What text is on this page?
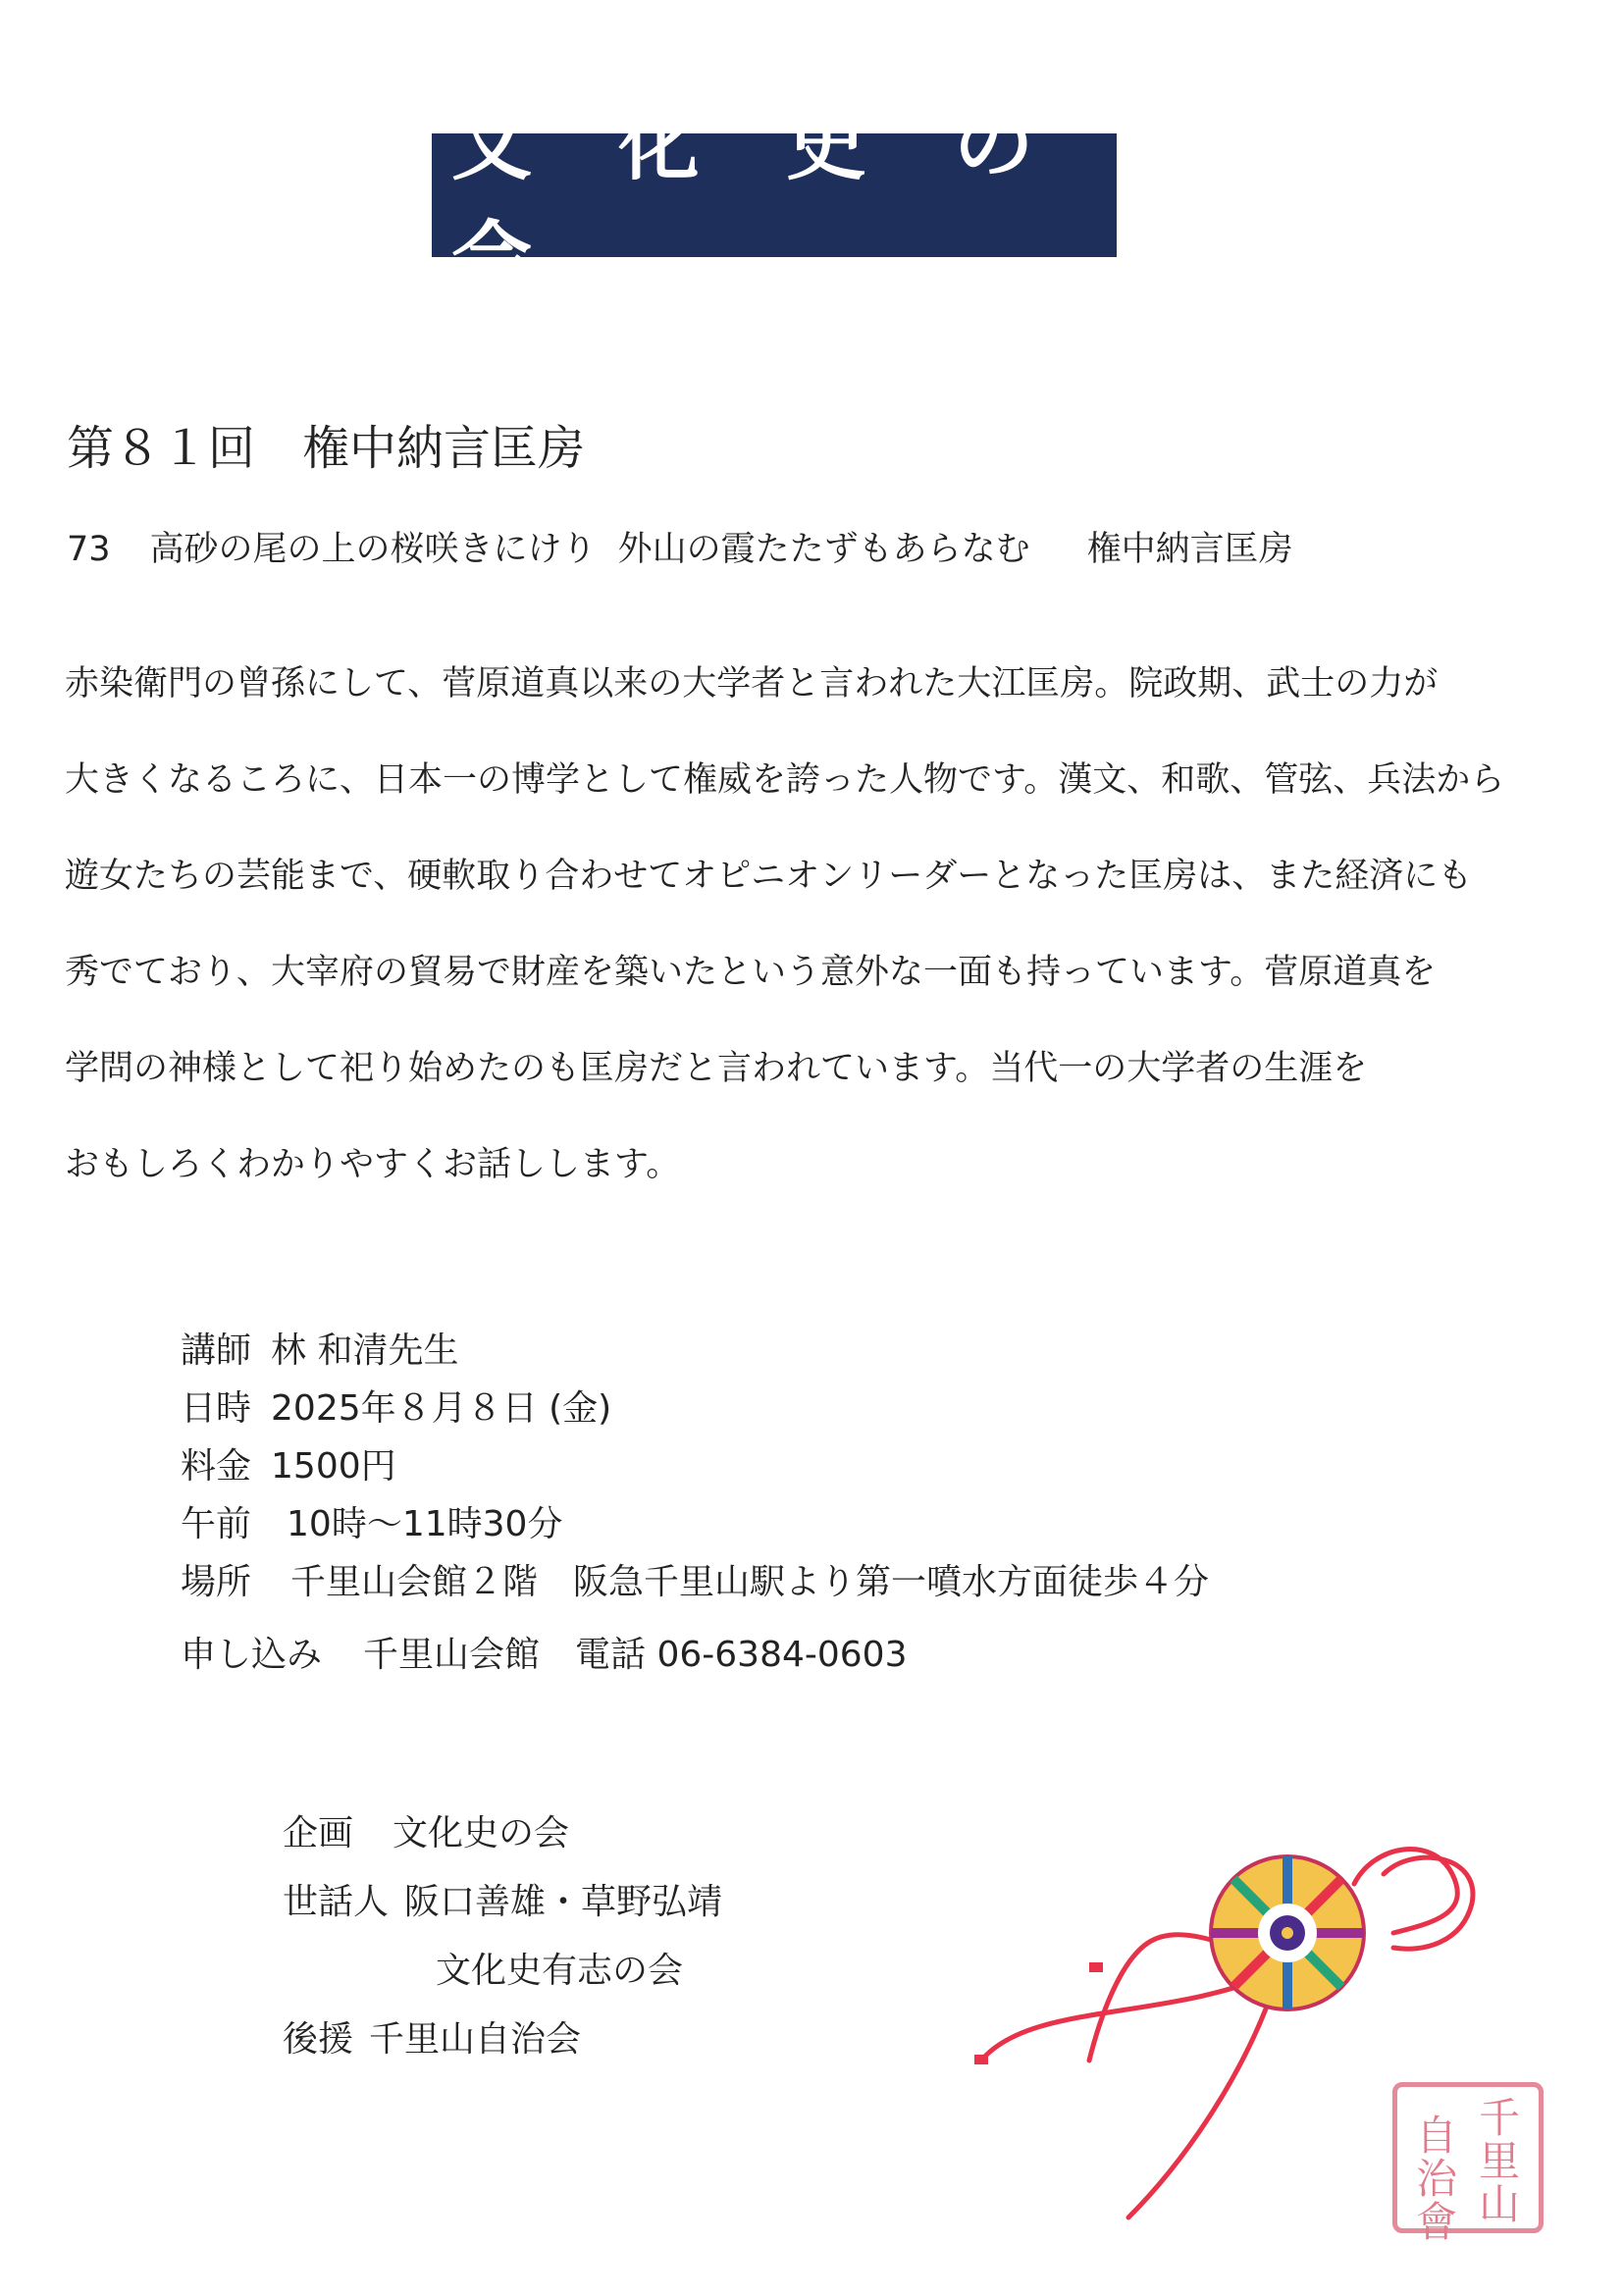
文 化 史 の 会
第８１回　権中納言匡房
73 高砂の尾の上の桜咲きにけり 外山の霞たたずもあらなむ 権中納言匡房
赤染衛門の曾孫にして、菅原道真以来の大学者と言われた大江匡房。院政期、武士の力が
大きくなるころに、日本一の博学として権威を誇った人物です。漢文、和歌、管弦、兵法から
遊女たちの芸能まで、硬軟取り合わせてオピニオンリーダーとなった匡房は、また経済にも
秀でており、大宰府の貿易で財産を築いたという意外な一面も持っています。菅原道真を
学問の神様として祀り始めたのも匡房だと言われています。当代一の大学者の生涯を
おもしろくわかりやすくお話しします。
講師 林 和清先生
日時 2025年８月８日 (金)
料金 1500円
午前 10時～11時30分
場所 千里山会館２階　阪急千里山駅より第一噴水方面徒歩４分
申し込み 千里山会館　電話 06-6384-0603
企画 文化史の会
世話人 阪口善雄・草野弘靖
文化史有志の会
後援 千里山自治会
千
里
山
自
治
會
